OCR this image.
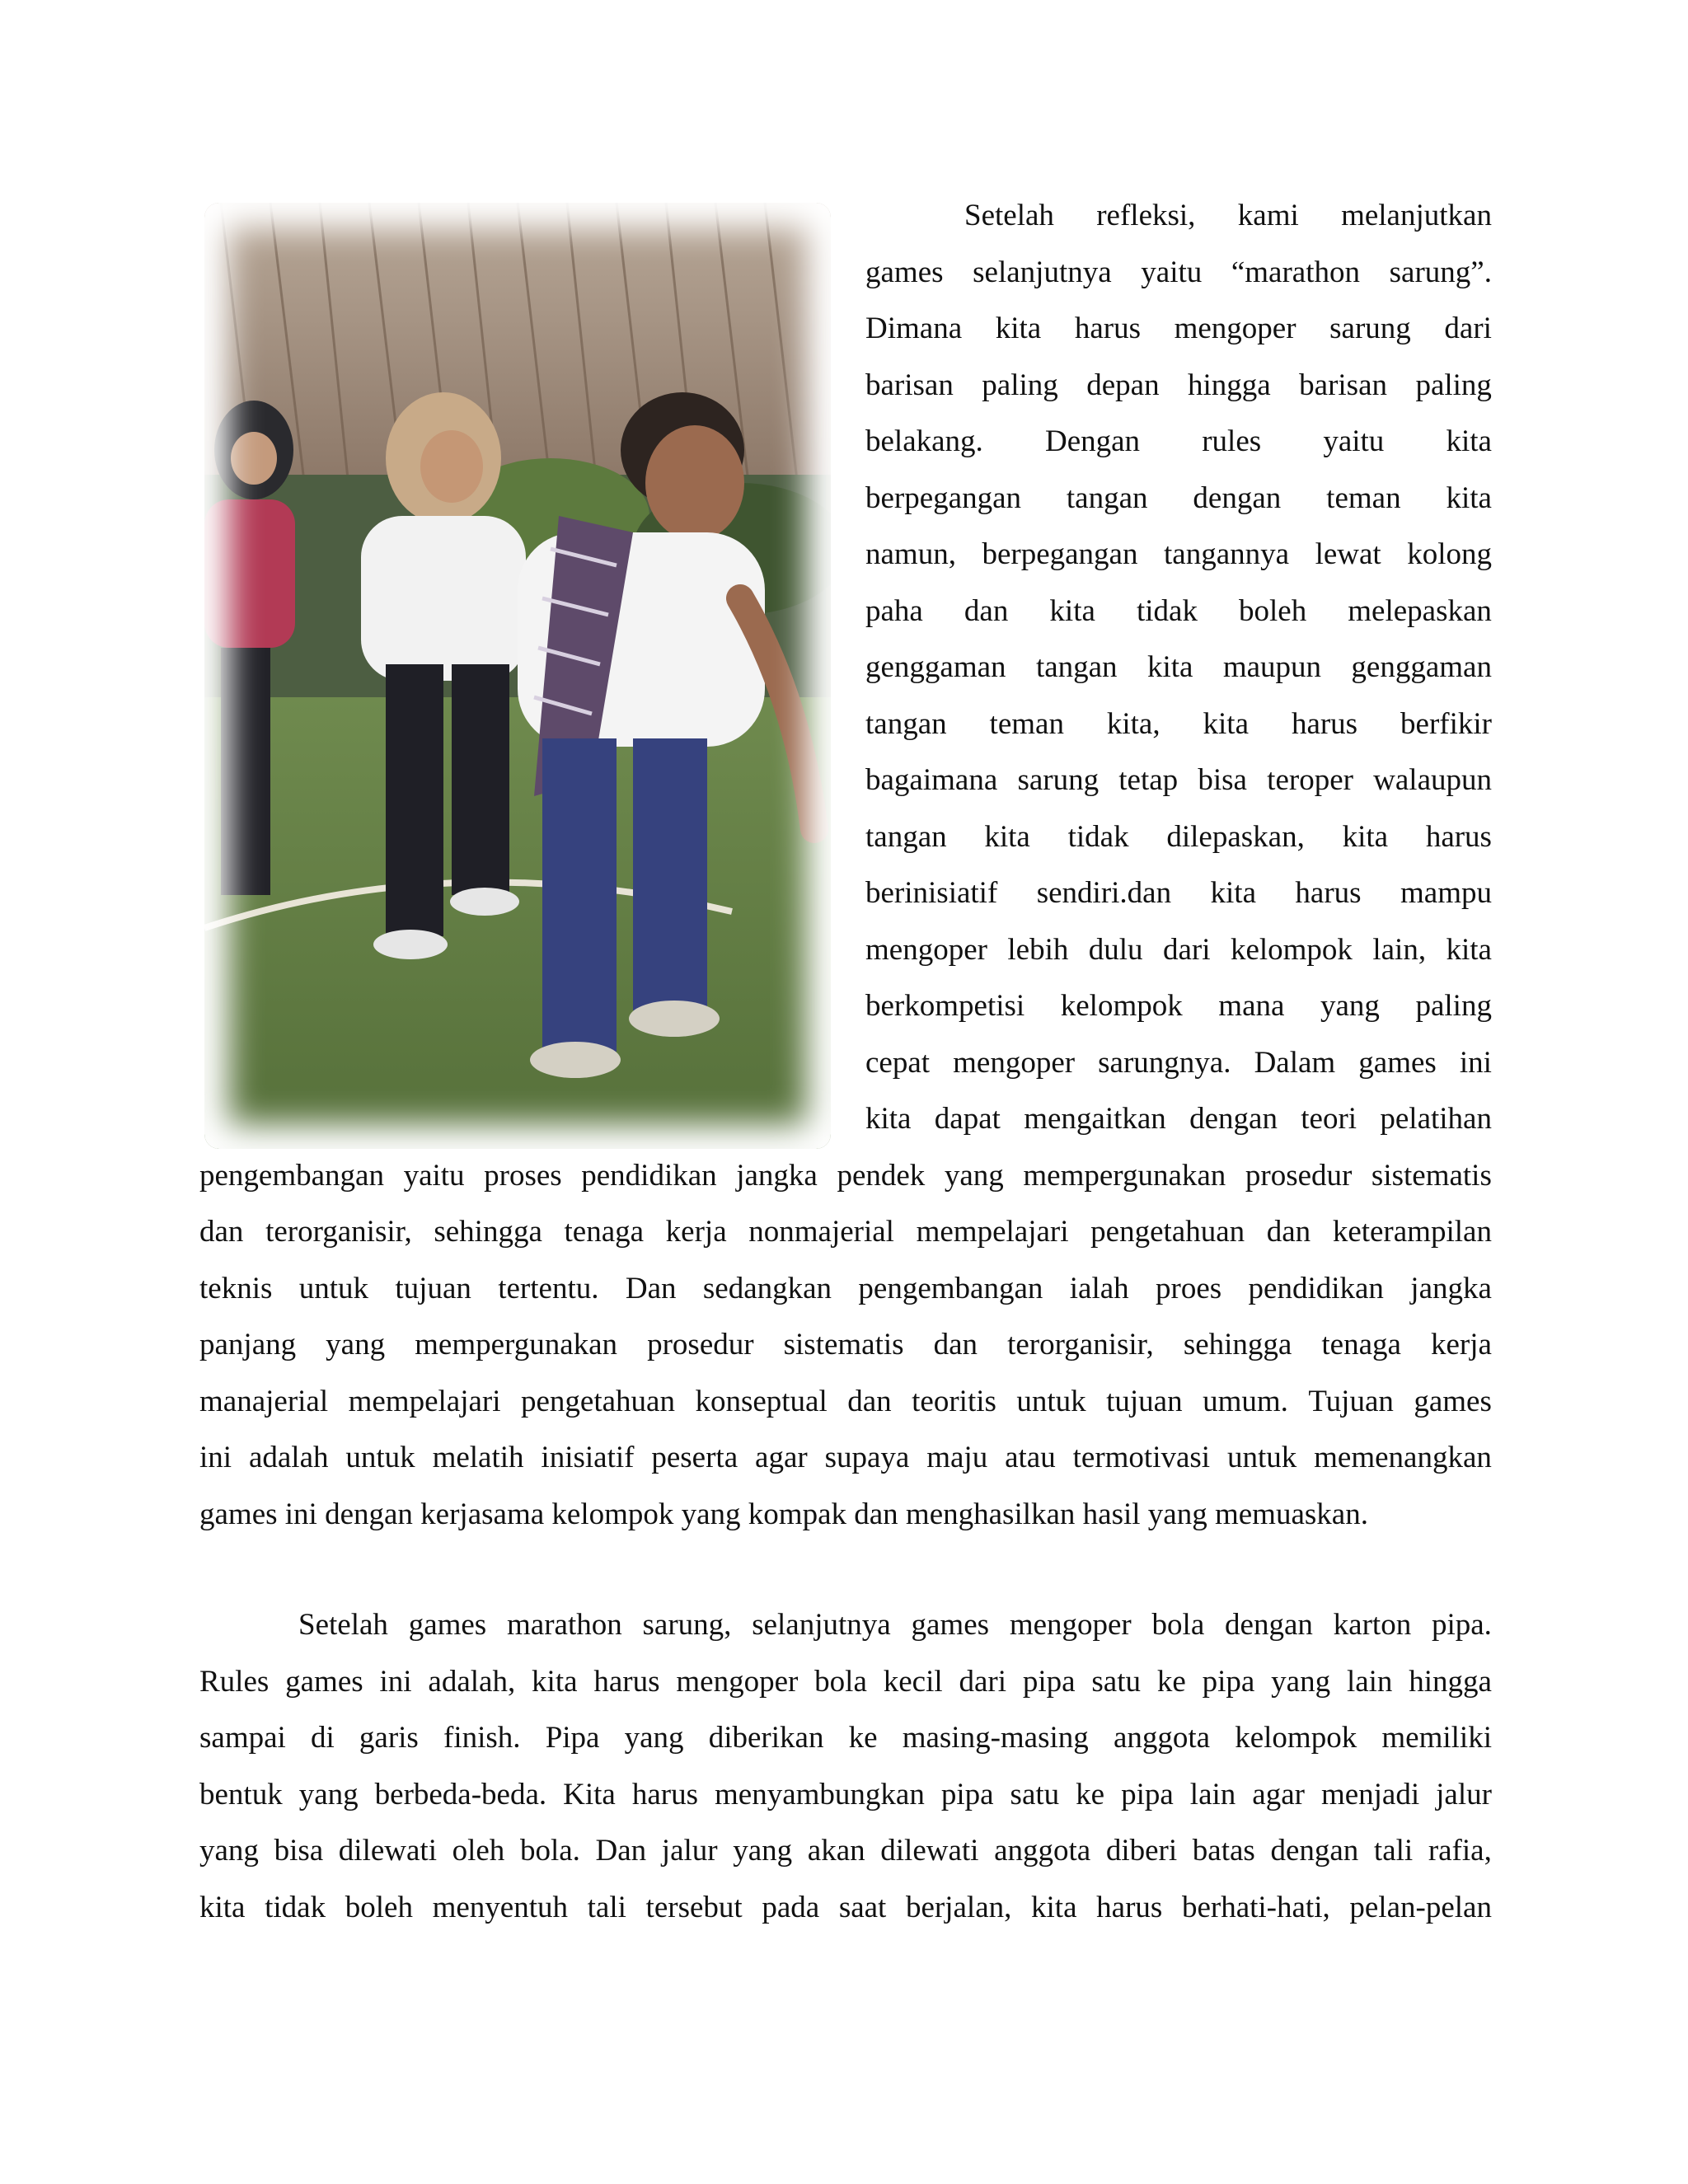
Setelah refleksi, kami melanjutkan
games selanjutnya yaitu “marathon sarung”.
Dimana kita harus mengoper sarung dari
barisan paling depan hingga barisan paling
belakang. Dengan rules yaitu kita
berpegangan tangan dengan teman kita
namun, berpegangan tangannya lewat kolong
paha dan kita tidak boleh melepaskan
genggaman tangan kita maupun genggaman
tangan teman kita, kita harus berfikir
bagaimana sarung tetap bisa teroper walaupun
tangan kita tidak dilepaskan, kita harus
berinisiatif sendiri.dan kita harus mampu
mengoper lebih dulu dari kelompok lain, kita
berkompetisi kelompok mana yang paling
cepat mengoper sarungnya. Dalam games ini
kita dapat mengaitkan dengan teori pelatihan
pengembangan yaitu proses pendidikan jangka pendek yang mempergunakan prosedur sistematis
dan terorganisir, sehingga tenaga kerja nonmajerial mempelajari pengetahuan dan keterampilan
teknis untuk tujuan tertentu. Dan sedangkan pengembangan ialah proes pendidikan jangka
panjang yang mempergunakan prosedur sistematis dan terorganisir, sehingga tenaga kerja
manajerial mempelajari pengetahuan konseptual dan teoritis untuk tujuan umum. Tujuan games
ini adalah untuk melatih inisiatif peserta agar supaya maju atau termotivasi untuk memenangkan
games ini dengan kerjasama kelompok yang kompak dan menghasilkan hasil yang memuaskan.
Setelah games marathon sarung, selanjutnya games mengoper bola dengan karton pipa.
Rules games ini adalah, kita harus mengoper bola kecil dari pipa satu ke pipa yang lain hingga
sampai di garis finish. Pipa yang diberikan ke masing-masing anggota kelompok memiliki
bentuk yang berbeda-beda. Kita harus menyambungkan pipa satu ke pipa lain agar menjadi jalur
yang bisa dilewati oleh bola. Dan jalur yang akan dilewati anggota diberi batas dengan tali rafia,
kita tidak boleh menyentuh tali tersebut pada saat berjalan, kita harus berhati-hati, pelan-pelan
